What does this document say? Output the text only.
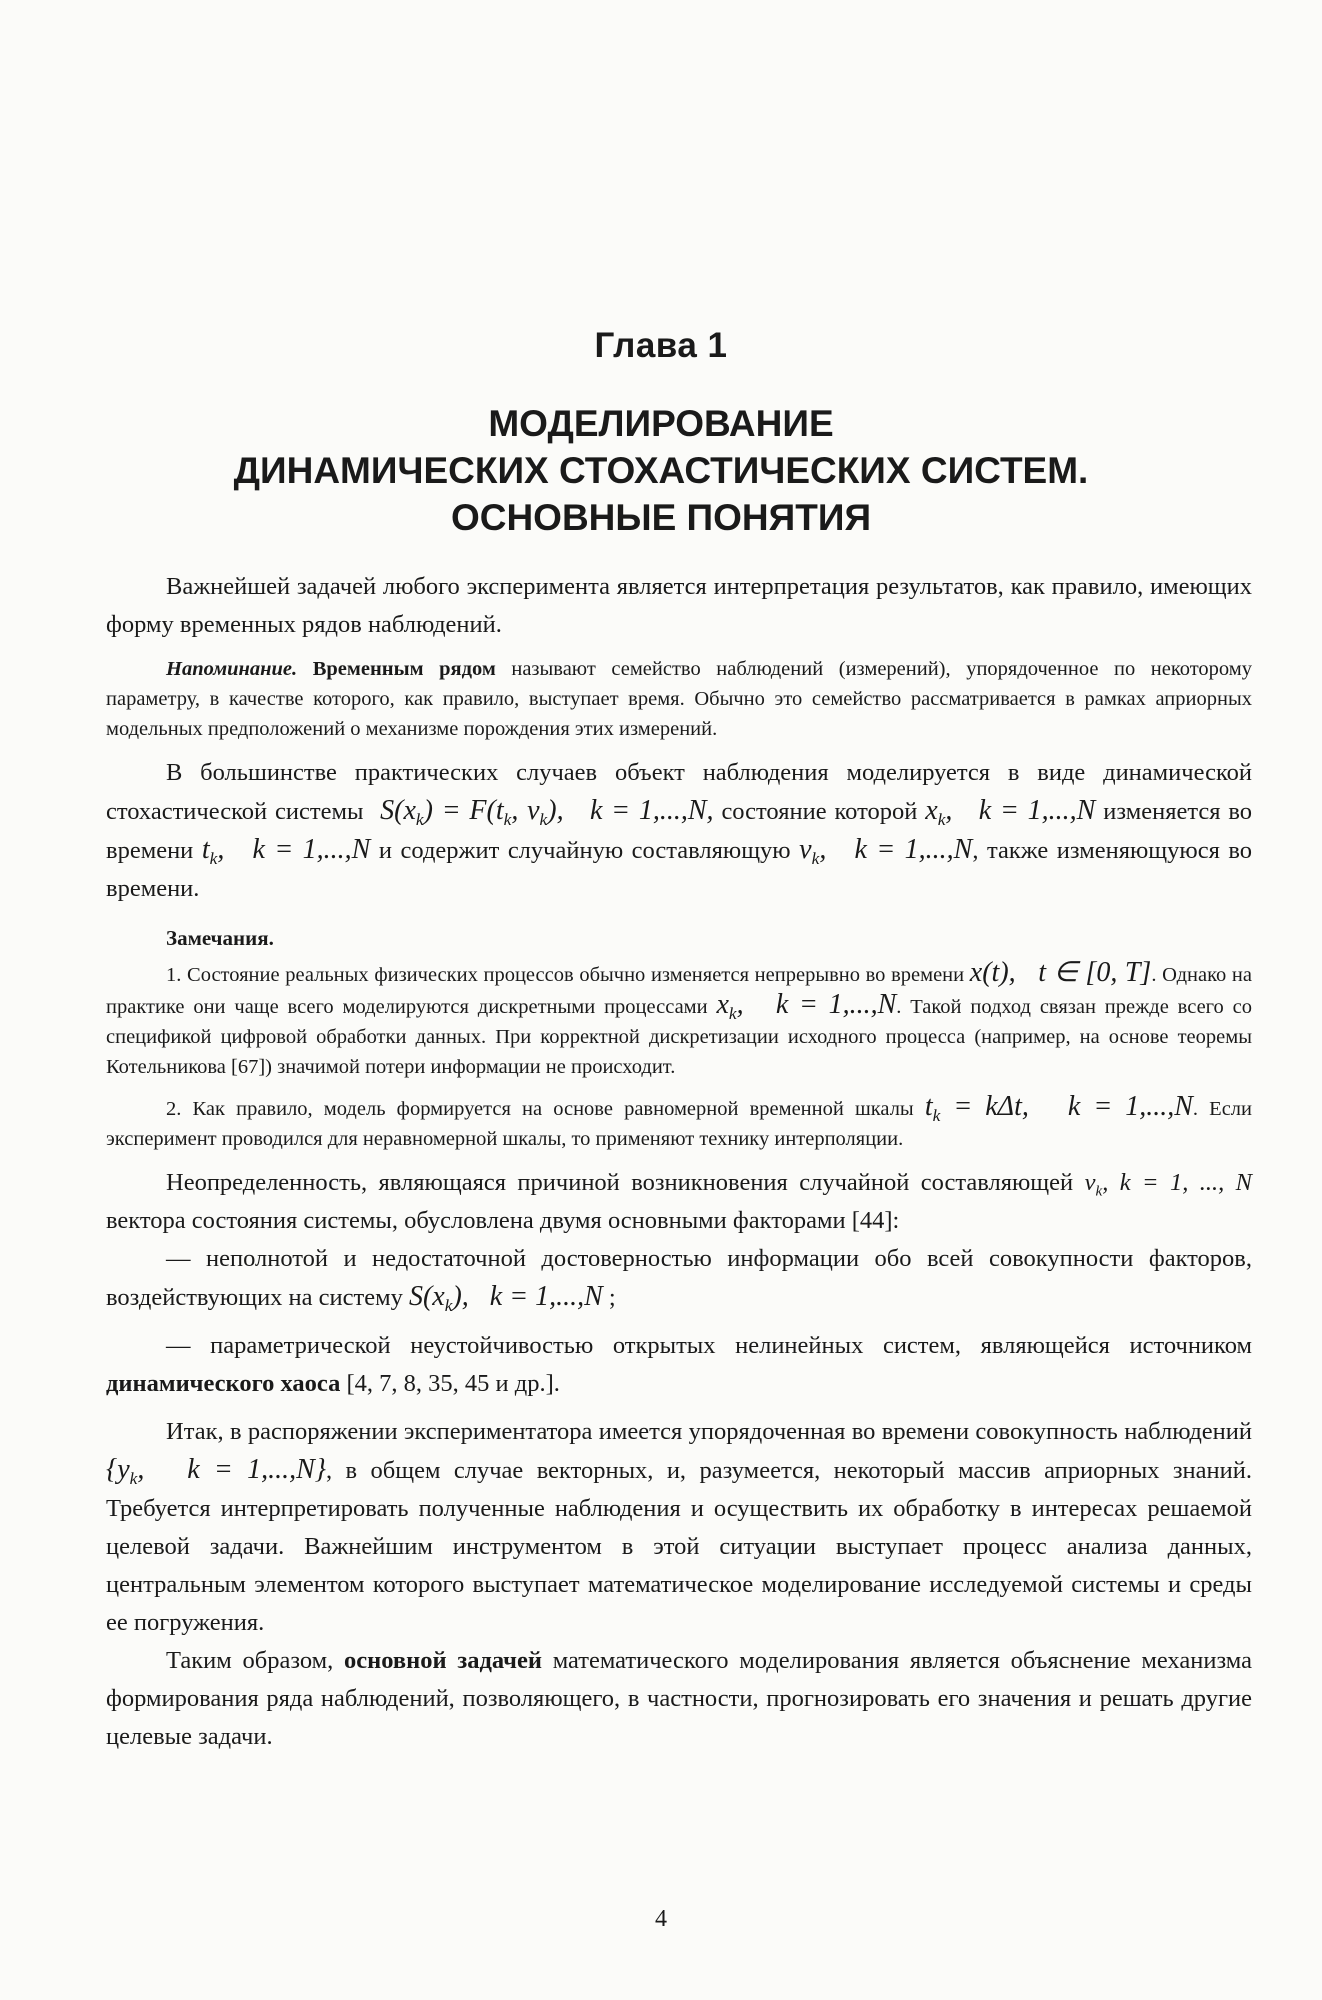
Глава 1
МОДЕЛИРОВАНИЕ
ДИНАМИЧЕСКИХ СТОХАСТИЧЕСКИХ СИСТЕМ.
ОСНОВНЫЕ ПОНЯТИЯ

Важнейшей задачей любого эксперимента является интерпретация результатов, как правило, имеющих форму временных рядов наблюдений.

Напоминание. Временным рядом называют семейство наблюдений (измерений), упорядоченное по некоторому параметру, в качестве которого, как правило, выступает время. Обычно это семейство рассматривается в рамках априорных модельных предположений о механизме порождения этих измерений.

В большинстве практических случаев объект наблюдения моделируется в виде динамической стохастической системы  $S(x_k) = F(t_k$, $v_k$),   k = 1,...,N, состояние которой $x_k$,   k = 1,...,N изменяется во времени $t_k$,   k = 1,...,N и содержит случайную составляющую $v_k$,   k = 1,...,N, также изменяющуюся во времени.

Замечания.

1. Состояние реальных физических процессов обычно изменяется непрерывно во времени x(t),   t ∈ [0, T]. Однако на практике они чаще всего моделируются дискретными процессами $x_k$,   k = 1,...,N. Такой подход связан прежде всего со спецификой цифровой обработки данных. При корректной дискретизации исходного процесса (например, на основе теоремы Котельникова [67]) значимой потери информации не происходит.

2. Как правило, модель формируется на основе равномерной временной шкалы $t_k = k\Delta t$,   k = 1,...,N. Если эксперимент проводился для неравномерной шкалы, то применяют технику интерполяции.

Неопределенность, являющаяся причиной возникновения случайной составляющей $v_k$, k = 1, ..., N вектора состояния системы, обусловлена двумя основными факторами [44]:

— неполнотой и недостаточной достоверностью информации обо всей совокупности факторов, воздействующих на систему $S(x_k)$,   k = 1,...,N ;

— параметрической неустойчивостью открытых нелинейных систем, являющейся источником динамического хаоса [4, 7, 8, 35, 45 и др.].

Итак, в распоряжении экспериментатора имеется упорядоченная во времени совокупность наблюдений {$y_k$,   k = 1,...,N}, в общем случае векторных, и, разумеется, некоторый массив априорных знаний. Требуется интерпретировать полученные наблюдения и осуществить их обработку в интересах решаемой целевой задачи. Важнейшим инструментом в этой ситуации выступает процесс анализа данных, центральным элементом которого выступает математическое моделирование исследуемой системы и среды ее погружения.

Таким образом, основной задачей математического моделирования является объяснение механизма формирования ряда наблюдений, позволяющего, в частности, прогнозировать его значения и решать другие целевые задачи.

4
